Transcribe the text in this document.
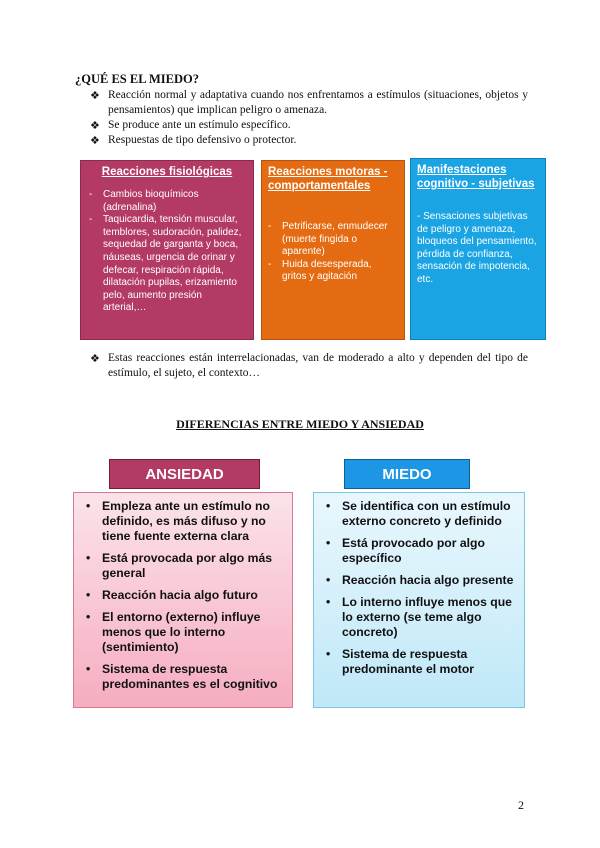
¿QUÉ ES EL MIEDO?
❖ Reacción normal y adaptativa cuando nos enfrentamos a estímulos (situaciones, objetos y pensamientos) que implican peligro o amenaza.
❖ Se produce ante un estímulo específico.
❖ Respuestas de tipo defensivo o protector.
Reacciones fisiológicas
- Cambios bioquímicos (adrenalina)
- Taquicardia, tensión muscular, temblores, sudoración, palidez, sequedad de garganta y boca, náuseas, urgencia de orinar y defecar, respiración rápida, dilatación pupilas, erizamiento pelo, aumento presión arterial,…
Reacciones motoras - comportamentales
- Petrificarse, enmudecer (muerte fingida o aparente)
- Huida desesperada, gritos y agitación
Manifestaciones cognitivo - subjetivas
- Sensaciones subjetivas de peligro y amenaza, bloqueos del pensamiento, pérdida de confianza, sensación de impotencia, etc.
❖ Estas reacciones están interrelacionadas, van de moderado a alto y dependen del tipo de estímulo, el sujeto, el contexto…
DIFERENCIAS ENTRE MIEDO Y ANSIEDAD
ANSIEDAD	MIEDO
• Empleza ante un estímulo no definido, es más difuso y no tiene fuente externa clara
• Está provocada por algo más general
• Reacción hacia algo futuro
• El entorno (externo) influye menos que lo interno (sentimiento)
• Sistema de respuesta predominantes es el cognitivo
• Se identifica con un estímulo externo concreto y definido
• Está provocado por algo específico
• Reacción hacia algo presente
• Lo interno influye menos que lo externo (se teme algo concreto)
• Sistema de respuesta predominante el motor
2
